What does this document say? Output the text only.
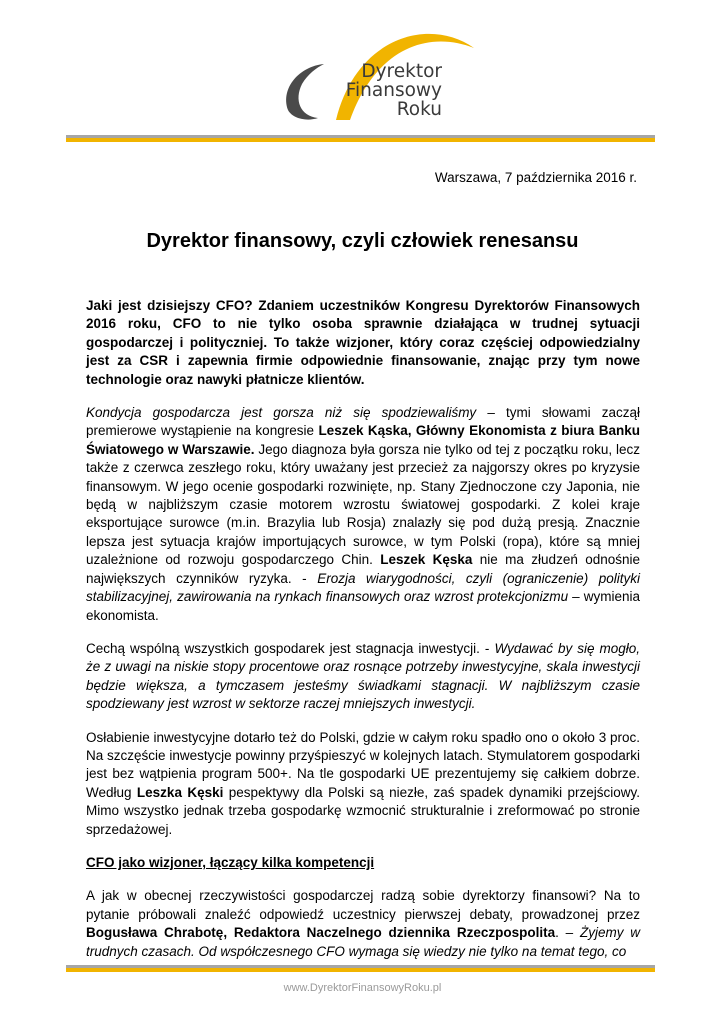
Dyrektor
Finansowy
Roku
Warszawa, 7 października 2016 r.
Dyrektor finansowy, czyli człowiek renesansu

Jaki jest dzisiejszy CFO? Zdaniem uczestników Kongresu Dyrektorów Finansowych 2016 roku, CFO to nie tylko osoba sprawnie działająca w trudnej sytuacji gospodarczej i polityczniej. To także wizjoner, który coraz częściej odpowiedzialny jest za CSR i zapewnia firmie odpowiednie finansowanie, znając przy tym nowe technologie oraz nawyki płatnicze klientów.

Kondycja gospodarcza jest gorsza niż się spodziewaliśmy – tymi słowami zaczął premierowe wystąpienie na kongresie Leszek Kąska, Główny Ekonomista z biura Banku Światowego w Warszawie. Jego diagnoza była gorsza nie tylko od tej z początku roku, lecz także z czerwca zeszłego roku, który uważany jest przecież za najgorszy okres po kryzysie finansowym. W jego ocenie gospodarki rozwinięte, np. Stany Zjednoczone czy Japonia, nie będą w najbliższym czasie motorem wzrostu światowej gospodarki. Z kolei kraje eksportujące surowce (m.in. Brazylia lub Rosja) znalazły się pod dużą presją. Znacznie lepsza jest sytuacja krajów importujących surowce, w tym Polski (ropa), które są mniej uzależnione od rozwoju gospodarczego Chin. Leszek Kęska nie ma złudzeń odnośnie największych czynników ryzyka. - Erozja wiarygodności, czyli (ograniczenie) polityki stabilizacyjnej, zawirowania na rynkach finansowych oraz wzrost protekcjonizmu – wymienia ekonomista.

Cechą wspólną wszystkich gospodarek jest stagnacja inwestycji. - Wydawać by się mogło, że z uwagi na niskie stopy procentowe oraz rosnące potrzeby inwestycyjne, skala inwestycji będzie większa, a tymczasem jesteśmy świadkami stagnacji. W najbliższym czasie spodziewany jest wzrost w sektorze raczej mniejszych inwestycji.

Osłabienie inwestycyjne dotarło też do Polski, gdzie w całym roku spadło ono o około 3 proc. Na szczęście inwestycje powinny przyśpieszyć w kolejnych latach. Stymulatorem gospodarki jest bez wątpienia program 500+. Na tle gospodarki UE prezentujemy się całkiem dobrze. Według Leszka Kęski pespektywy dla Polski są niezłe, zaś spadek dynamiki przejściowy. Mimo wszystko jednak trzeba gospodarkę wzmocnić strukturalnie i zreformować po stronie sprzedażowej.

CFO jako wizjoner, łączący kilka kompetencji

A jak w obecnej rzeczywistości gospodarczej radzą sobie dyrektorzy finansowi? Na to pytanie próbowali znaleźć odpowiedź uczestnicy pierwszej debaty, prowadzonej przez Bogusława Chrabotę, Redaktora Naczelnego dziennika Rzeczpospolita. – Żyjemy w trudnych czasach. Od współczesnego CFO wymaga się wiedzy nie tylko na temat tego, co

www.DyrektorFinansowyRoku.pl
